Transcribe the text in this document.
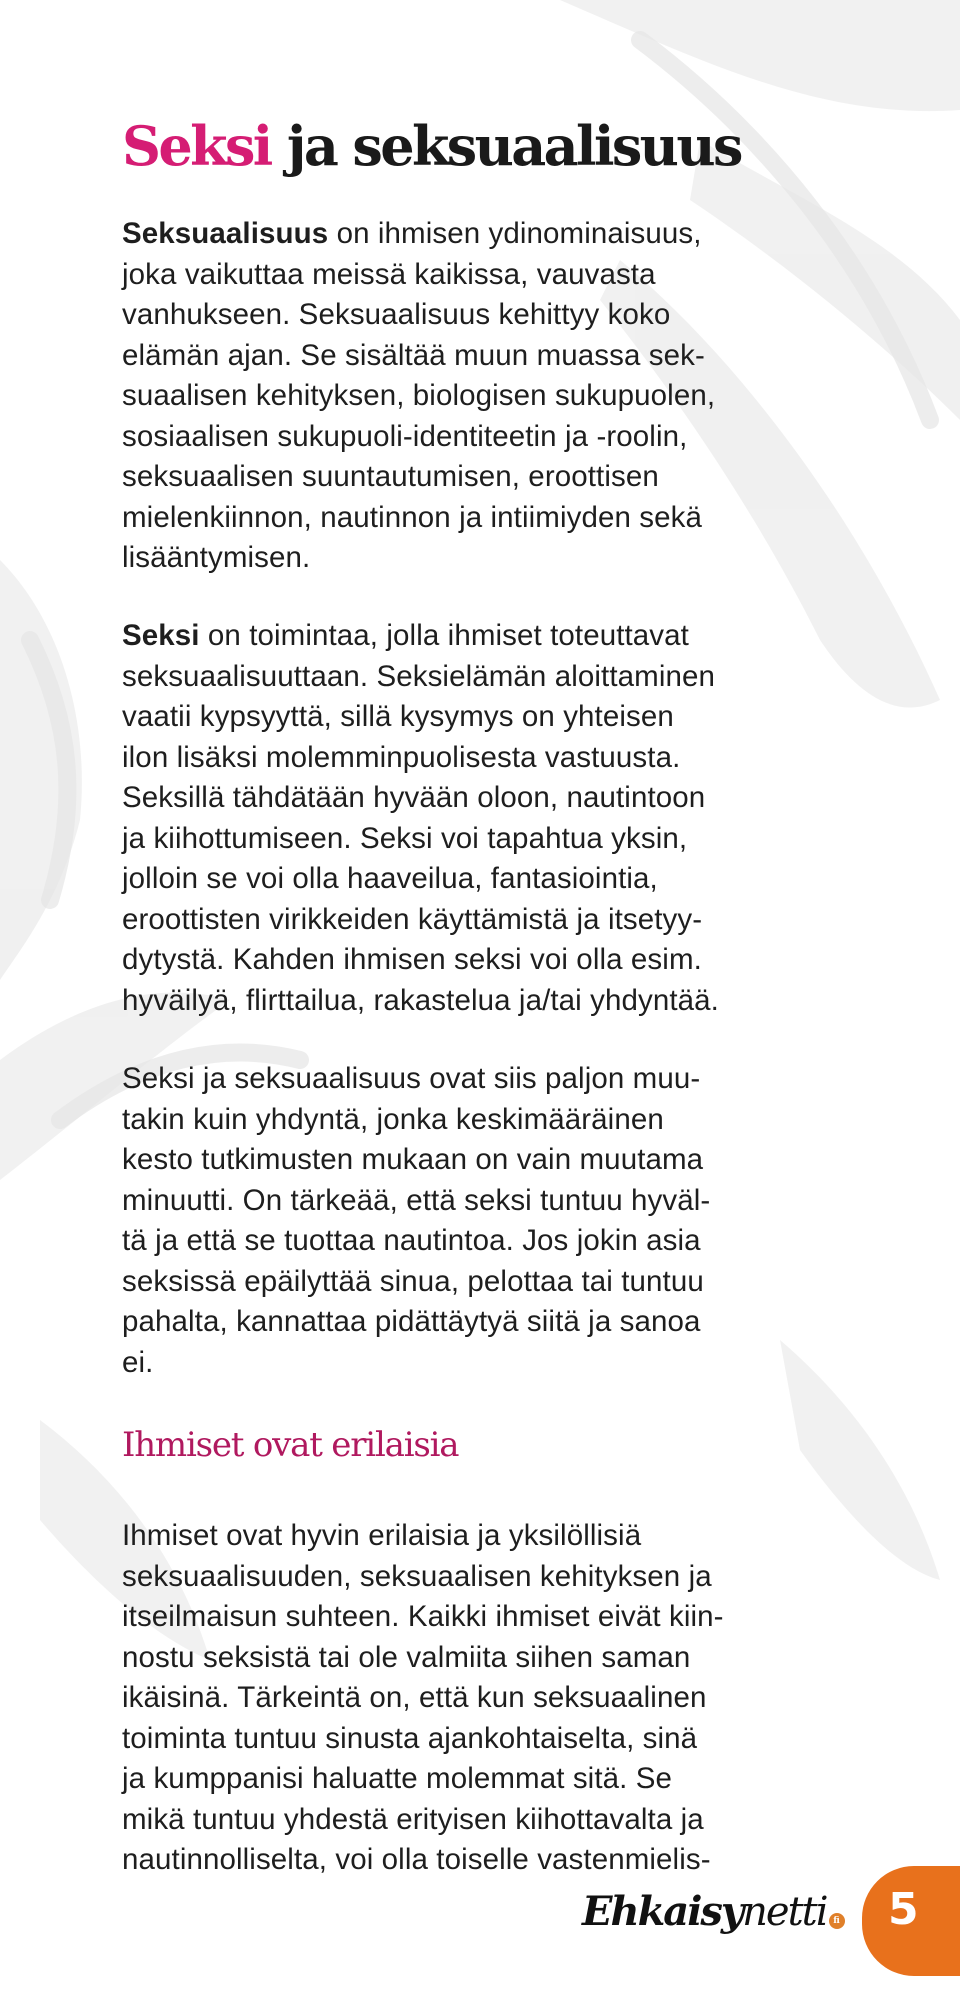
Seksi ja seksuaalisuus

Seksuaalisuus on ihmisen ydinominaisuus,
joka vaikuttaa meissä kaikissa, vauvasta
vanhukseen. Seksuaalisuus kehittyy koko
elämän ajan. Se sisältää muun muassa sek-
suaalisen kehityksen, biologisen sukupuolen,
sosiaalisen sukupuoli-identiteetin ja -roolin,
seksuaalisen suuntautumisen, eroottisen
mielenkiinnon, nautinnon ja intiimiyden sekä
lisääntymisen.

Seksi on toimintaa, jolla ihmiset toteuttavat
seksuaalisuuttaan. Seksielämän aloittaminen
vaatii kypsyyttä, sillä kysymys on yhteisen
ilon lisäksi molemminpuolisesta vastuusta.
Seksillä tähdätään hyvään oloon, nautintoon
ja kiihottumiseen. Seksi voi tapahtua yksin,
jolloin se voi olla haaveilua, fantasiointia,
eroottisten virikkeiden käyttämistä ja itsetyy-
dytystä. Kahden ihmisen seksi voi olla esim.
hyväilyä, flirttailua, rakastelua ja/tai yhdyntää.

Seksi ja seksuaalisuus ovat siis paljon muu-
takin kuin yhdyntä, jonka keskimääräinen
kesto tutkimusten mukaan on vain muutama
minuutti. On tärkeää, että seksi tuntuu hyväl-
tä ja että se tuottaa nautintoa. Jos jokin asia
seksissä epäilyttää sinua, pelottaa tai tuntuu
pahalta, kannattaa pidättäytyä siitä ja sanoa
ei.

Ihmiset ovat erilaisia

Ihmiset ovat hyvin erilaisia ja yksilöllisiä
seksuaalisuuden, seksuaalisen kehityksen ja
itseilmaisun suhteen. Kaikki ihmiset eivät kiin-
nostu seksistä tai ole valmiita siihen saman
ikäisinä. Tärkeintä on, että kun seksuaalinen
toiminta tuntuu sinusta ajankohtaiselta, sinä
ja kumppanisi haluatte molemmat sitä. Se
mikä tuntuu yhdestä erityisen kiihottavalta ja
nautinnolliselta, voi olla toiselle vastenmielis-

Ehkaisynetti fi 5
